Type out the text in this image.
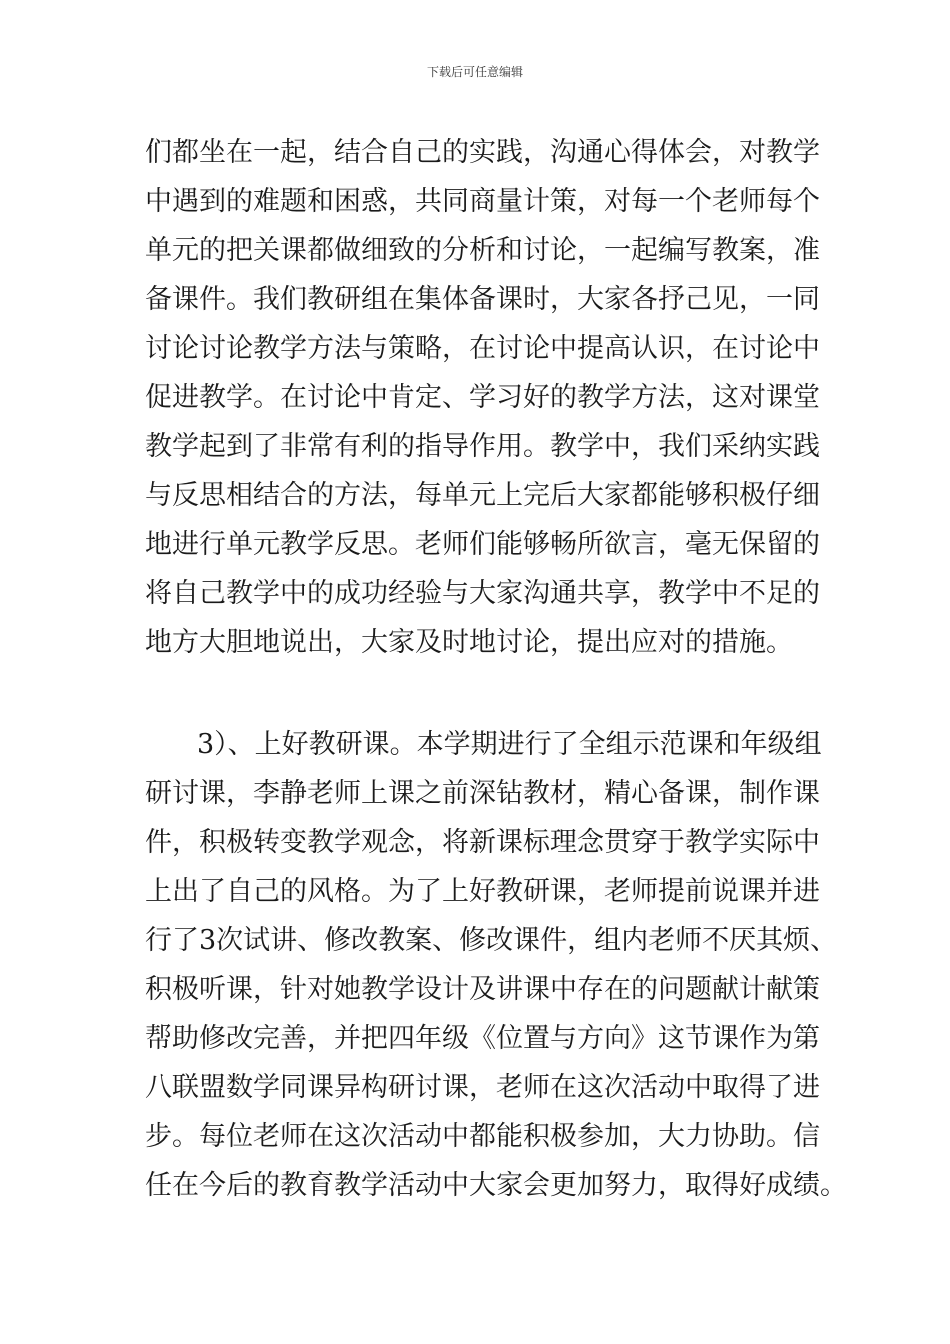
下载后可任意编辑
们都坐在一起，结合自己的实践，沟通心得体会，对教学
中遇到的难题和困惑，共同商量计策，对每一个老师每个
单元的把关课都做细致的分析和讨论，一起编写教案，准
备课件。我们教研组在集体备课时，大家各抒己见，一同
讨论讨论教学方法与策略，在讨论中提高认识，在讨论中
促进教学。在讨论中肯定、学习好的教学方法，这对课堂
教学起到了非常有利的指导作用。教学中，我们采纳实践
与反思相结合的方法，每单元上完后大家都能够积极仔细
地进行单元教学反思。老师们能够畅所欲言，毫无保留的
将自己教学中的成功经验与大家沟通共享，教学中不足的
地方大胆地说出，大家及时地讨论，提出应对的措施。
3）、上好教研课。本学期进行了全组示范课和年级组
研讨课，李静老师上课之前深钻教材，精心备课，制作课
件，积极转变教学观念，将新课标理念贯穿于教学实际中
上出了自己的风格。为了上好教研课，老师提前说课并进
行了3次试讲、修改教案、修改课件，组内老师不厌其烦、
积极听课，针对她教学设计及讲课中存在的问题献计献策
帮助修改完善，并把四年级《位置与方向》这节课作为第
八联盟数学同课异构研讨课，老师在这次活动中取得了进
步。每位老师在这次活动中都能积极参加，大力协助。信
任在今后的教育教学活动中大家会更加努力，取得好成绩。
